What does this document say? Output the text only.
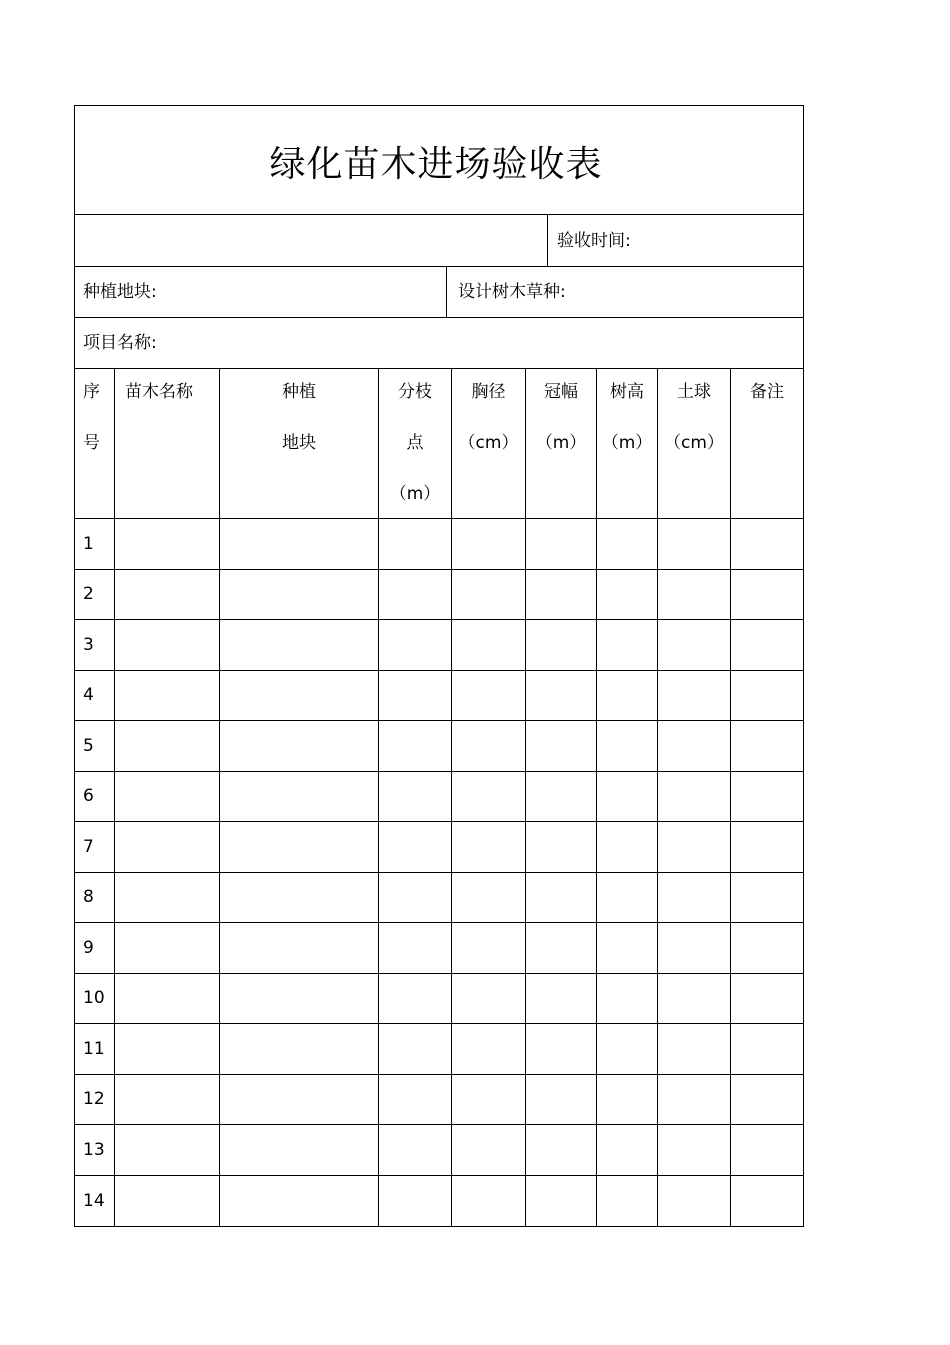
绿化苗木进场验收表
验收时间:
种植地块:	设计树木草种:
项目名称:
序
号
苗木名称	种植
地块
分枝
点
（m）
胸径
（cm）
冠幅
（m）
树高
（m）
土球
（cm）
备注
1
2
3
4
5
6
7
8
9
10
11
12
13
14
